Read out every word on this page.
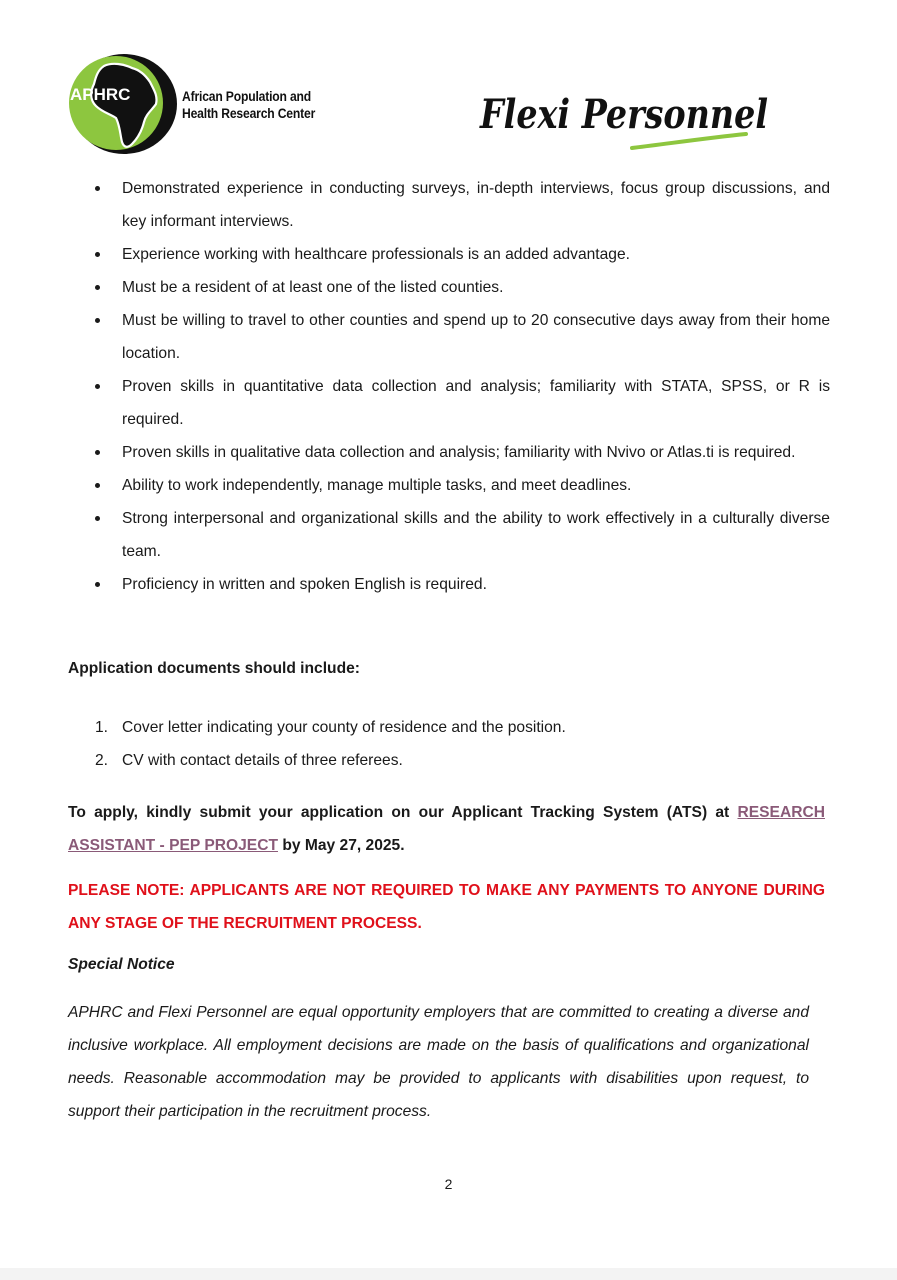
APHRC	African Population and
Health Research Center	Flexi Personnel
Demonstrated experience in conducting surveys, in-depth interviews, focus group discussions, and key informant interviews.
Experience working with healthcare professionals is an added advantage.
Must be a resident of at least one of the listed counties.
Must be willing to travel to other counties and spend up to 20 consecutive days away from their home location.
Proven skills in quantitative data collection and analysis; familiarity with STATA, SPSS, or R is required.
Proven skills in qualitative data collection and analysis; familiarity with Nvivo or Atlas.ti is required.
Ability to work independently, manage multiple tasks, and meet deadlines.
Strong interpersonal and organizational skills and the ability to work effectively in a culturally diverse team.
Proficiency in written and spoken English is required.
Application documents should include:
1. Cover letter indicating your county of residence and the position.
2. CV with contact details of three referees.
To apply, kindly submit your application on our Applicant Tracking System (ATS) at RESEARCH ASSISTANT - PEP PROJECT by May 27, 2025.
PLEASE NOTE: APPLICANTS ARE NOT REQUIRED TO MAKE ANY PAYMENTS TO ANYONE DURING ANY STAGE OF THE RECRUITMENT PROCESS.
Special Notice
APHRC and Flexi Personnel are equal opportunity employers that are committed to creating a diverse and inclusive workplace. All employment decisions are made on the basis of qualifications and organizational needs. Reasonable accommodation may be provided to applicants with disabilities upon request, to support their participation in the recruitment process.
2
